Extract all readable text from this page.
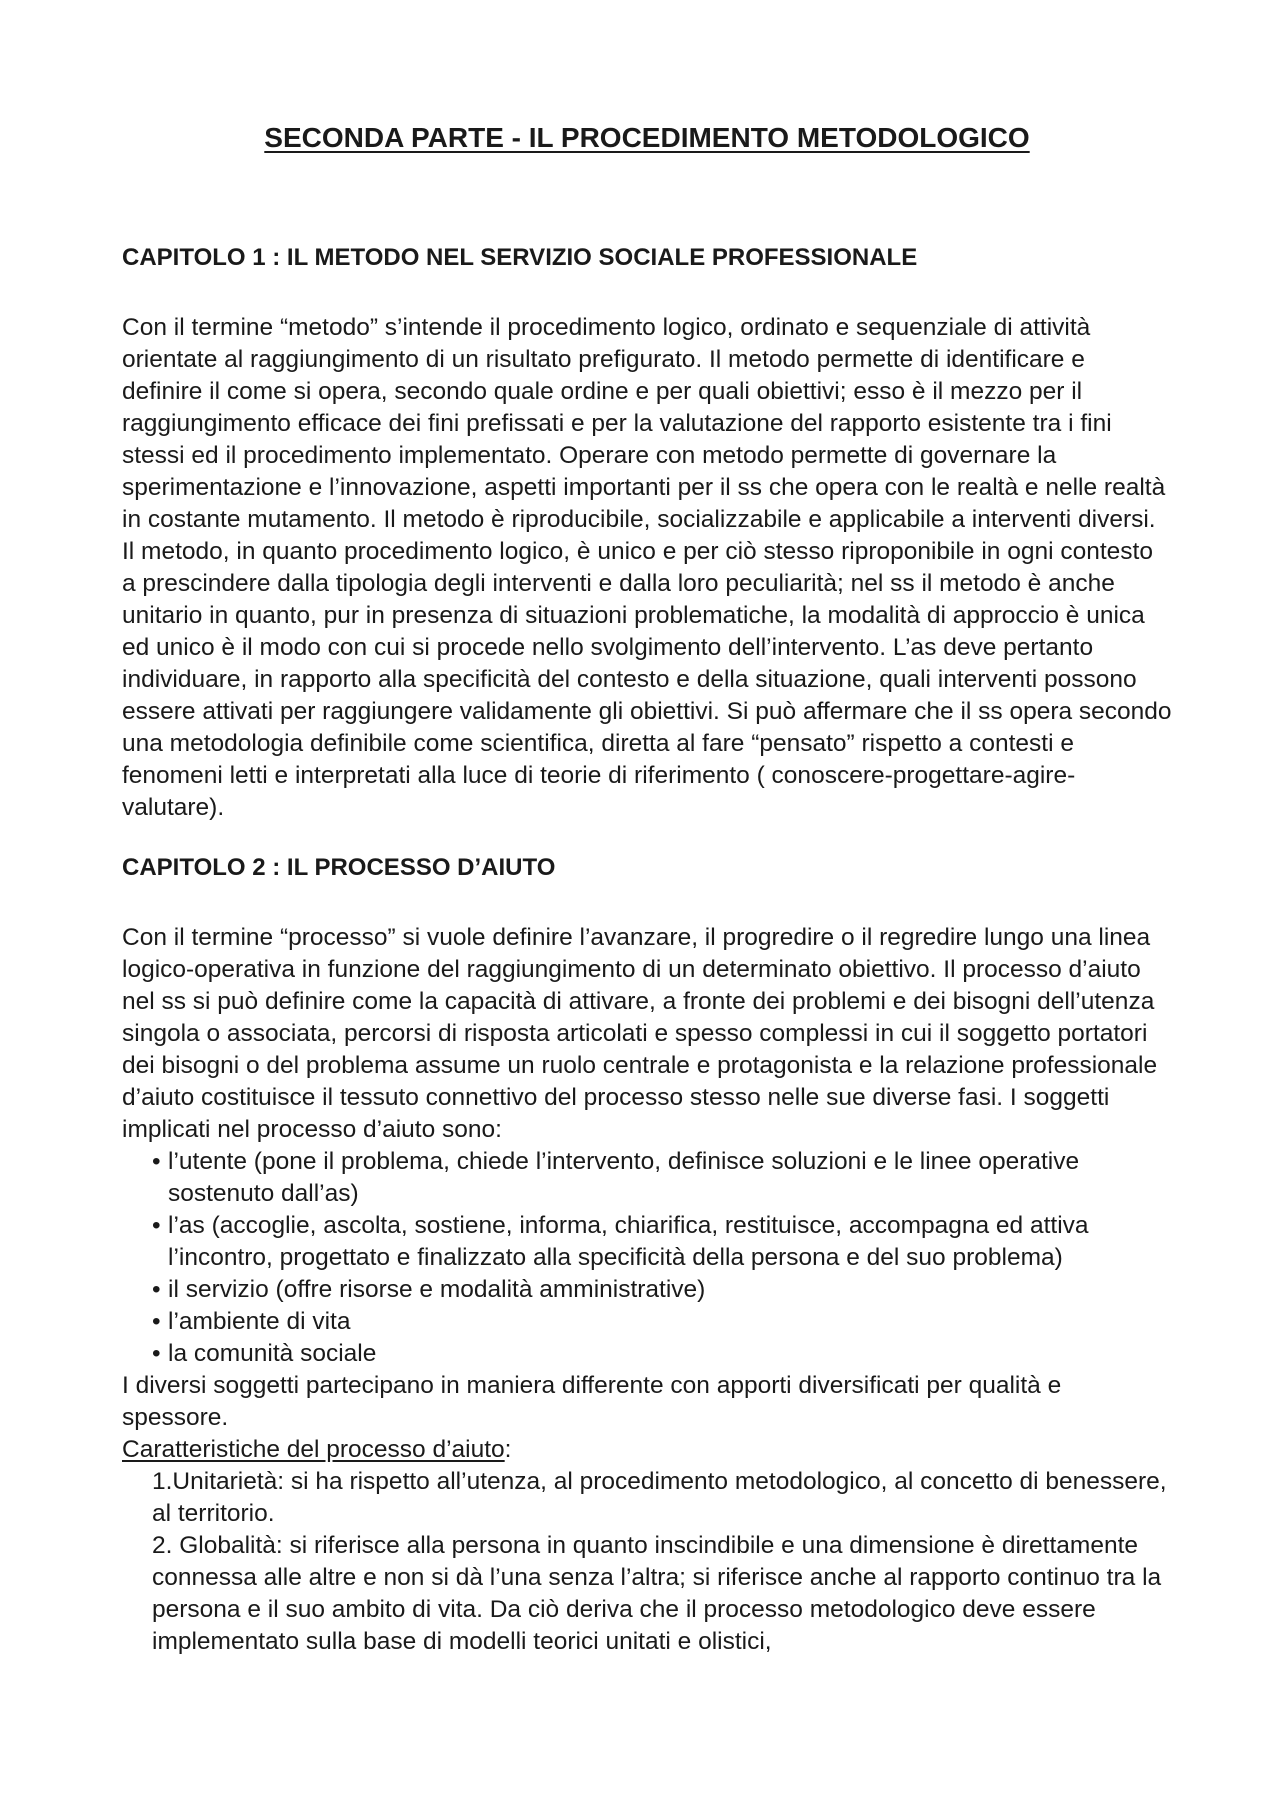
SECONDA PARTE - IL PROCEDIMENTO METODOLOGICO
CAPITOLO 1 : IL METODO NEL SERVIZIO SOCIALE PROFESSIONALE

Con il termine “metodo” s’intende il procedimento logico, ordinato e sequenziale di attività orientate al raggiungimento di un risultato prefigurato. Il metodo permette di identificare e definire il come si opera, secondo quale ordine e per quali obiettivi; esso è il mezzo per il raggiungimento efficace dei fini prefissati e per la valutazione del rapporto esistente tra i fini stessi ed il procedimento implementato. Operare con metodo permette di governare la sperimentazione e l’innovazione, aspetti importanti per il ss che opera con le realtà e nelle realtà in costante mutamento. Il metodo è riproducibile, socializzabile e applicabile a interventi diversi. Il metodo, in quanto procedimento logico, è unico e per ciò stesso riproponibile in ogni contesto a prescindere dalla tipologia degli interventi e dalla loro peculiarità; nel ss il metodo è anche unitario in quanto, pur in presenza di situazioni problematiche, la modalità di approccio è unica ed unico è il modo con cui si procede nello svolgimento dell’intervento. L’as deve pertanto individuare, in rapporto alla specificità del contesto e della situazione, quali interventi possono essere attivati per raggiungere validamente gli obiettivi. Si può affermare che il ss opera secondo una metodologia definibile come scientifica, diretta al fare “pensato” rispetto a contesti e fenomeni letti e interpretati alla luce di teorie di riferimento ( conoscere-progettare-agire-valutare).

CAPITOLO 2 : IL PROCESSO D’AIUTO

Con il termine “processo” si vuole definire l’avanzare, il progredire o il regredire lungo una linea logico-operativa in funzione del raggiungimento di un determinato obiettivo. Il processo d’aiuto nel ss si può definire come la capacità di attivare, a fronte dei problemi e dei bisogni dell’utenza singola o associata, percorsi di risposta articolati e spesso complessi in cui il soggetto portatori dei bisogni o del problema assume un ruolo centrale e protagonista e la relazione professionale d’aiuto costituisce il tessuto connettivo del processo stesso nelle sue diverse fasi. I soggetti implicati nel processo d’aiuto sono:

• l’utente (pone il problema, chiede l’intervento, definisce soluzioni e le linee operative sostenuto dall’as)
• l’as (accoglie, ascolta, sostiene, informa, chiarifica, restituisce, accompagna ed attiva l’incontro, progettato e finalizzato alla specificità della persona e del suo problema)
• il servizio (offre risorse e modalità amministrative)
• l’ambiente di vita
• la comunità sociale

I diversi soggetti partecipano in maniera differente con apporti diversificati per qualità e spessore.

Caratteristiche del processo d’aiuto:

1.Unitarietà: si ha rispetto all’utenza, al procedimento metodologico, al concetto di benessere, al territorio.
2. Globalità: si riferisce alla persona in quanto inscindibile e una dimensione è direttamente connessa alle altre e non si dà l’una senza l’altra; si riferisce anche al rapporto continuo tra la persona e il suo ambito di vita. Da ciò deriva che il processo metodologico deve essere implementato sulla base di modelli teorici unitati e olistici,
